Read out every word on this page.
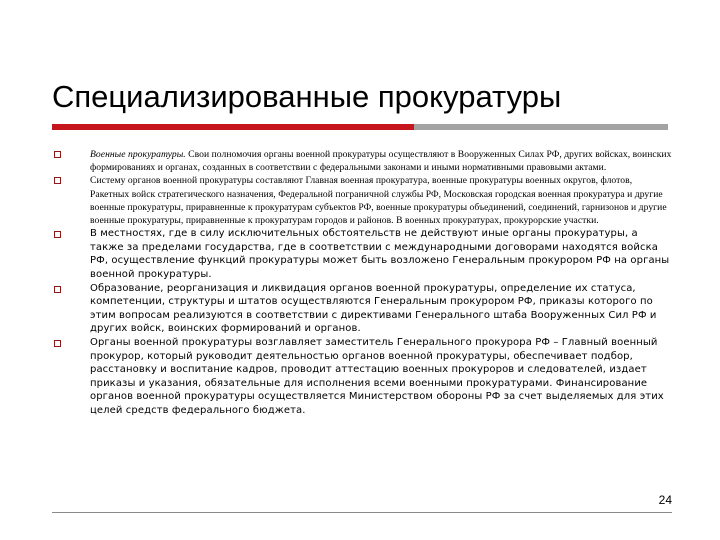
Специализированные прокуратуры
Военные прокуратуры. Свои полномочия органы военной прокуратуры осуществляют в Вооруженных Силах РФ, других войсках, воинских формированиях и органах, созданных в соответствии с федеральными законами и иными нормативными правовыми актами.
Систему органов военной прокуратуры составляют Главная военная прокуратура, военные прокуратуры военных округов, флотов, Ракетных войск стратегического назначения, Федеральной пограничной службы РФ, Московская городская военная прокуратура и другие военные прокуратуры, приравненные к прокуратурам субъектов РФ, военные прокуратуры объединений, соединений, гарнизонов и другие военные прокуратуры, приравненные к прокуратурам городов и районов. В военных прокуратурах, прокурорские участки.
В местностях, где в силу исключительных обстоятельств не действуют иные органы прокуратуры, а также за пределами государства, где в соответствии с международными договорами находятся войска РФ, осуществление функций прокуратуры может быть возложено Генеральным прокурором РФ на органы военной прокуратуры.
Образование, реорганизация и ликвидация органов военной прокуратуры, определение их статуса, компетенции, структуры и штатов осуществляются Генеральным прокурором РФ, приказы которого по этим вопросам реализуются в соответствии с директивами Генерального штаба Вооруженных Сил РФ и других войск, воинских формирований и органов.
Органы военной прокуратуры возглавляет заместитель Генерального прокурора РФ – Главный военный прокурор, который руководит деятельностью органов военной прокуратуры, обеспечивает подбор, расстановку и воспитание кадров, проводит аттестацию военных прокуроров и следователей, издает приказы и указания, обязательные для исполнения всеми военными прокуратурами. Финансирование органов военной прокуратуры осуществляется Министерством обороны РФ за счет выделяемых для этих целей средств федерального бюджета.
24
